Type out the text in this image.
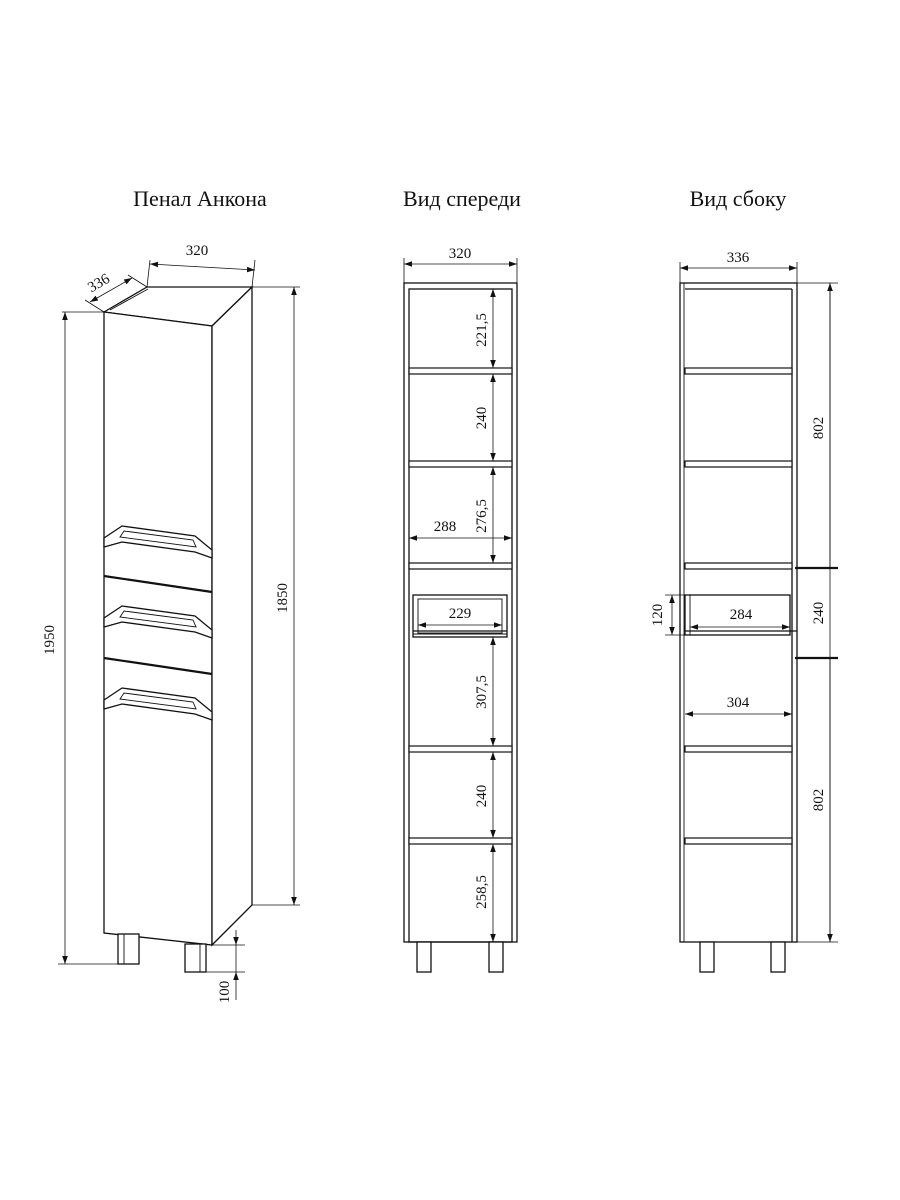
Пенал Анкона	Вид спереди	Вид сбоку
336
320
1950
1850
100
320
221,5
240
276,5
288
229
307,5
240
258,5
336
802
240
802
120	284
304
